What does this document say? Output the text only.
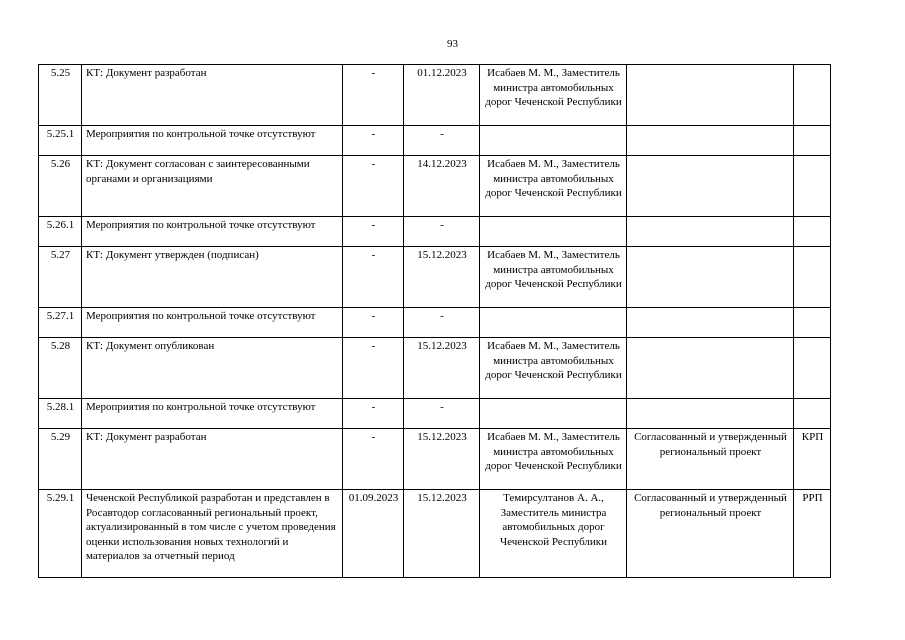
93
5.25	КТ: Документ разработан	-	01.12.2023	Исабаев М. М., Заместитель министра автомобильных дорог Чеченской Республики		
5.25.1	Мероприятия по контрольной точке отсутствуют	-	-			
5.26	КТ: Документ согласован с заинтересованными органами и организациями	-	14.12.2023	Исабаев М. М., Заместитель министра автомобильных дорог Чеченской Республики		
5.26.1	Мероприятия по контрольной точке отсутствуют	-	-			
5.27	КТ: Документ утвержден (подписан)	-	15.12.2023	Исабаев М. М., Заместитель министра автомобильных дорог Чеченской Республики		
5.27.1	Мероприятия по контрольной точке отсутствуют	-	-			
5.28	КТ: Документ опубликован	-	15.12.2023	Исабаев М. М., Заместитель министра автомобильных дорог Чеченской Республики		
5.28.1	Мероприятия по контрольной точке отсутствуют	-	-			
5.29	КТ: Документ разработан	-	15.12.2023	Исабаев М. М., Заместитель министра автомобильных дорог Чеченской Республики	Согласованный и утвержденный региональный проект	КРП
5.29.1	Чеченской Республикой разработан и представлен в Росавтодор согласованный региональный проект, актуализированный в том числе с учетом проведения оценки использования новых технологий и материалов за отчетный период	01.09.2023	15.12.2023	Темирсултанов А. А., Заместитель министра автомобильных дорог Чеченской Республики	Согласованный и утвержденный региональный проект	РРП
